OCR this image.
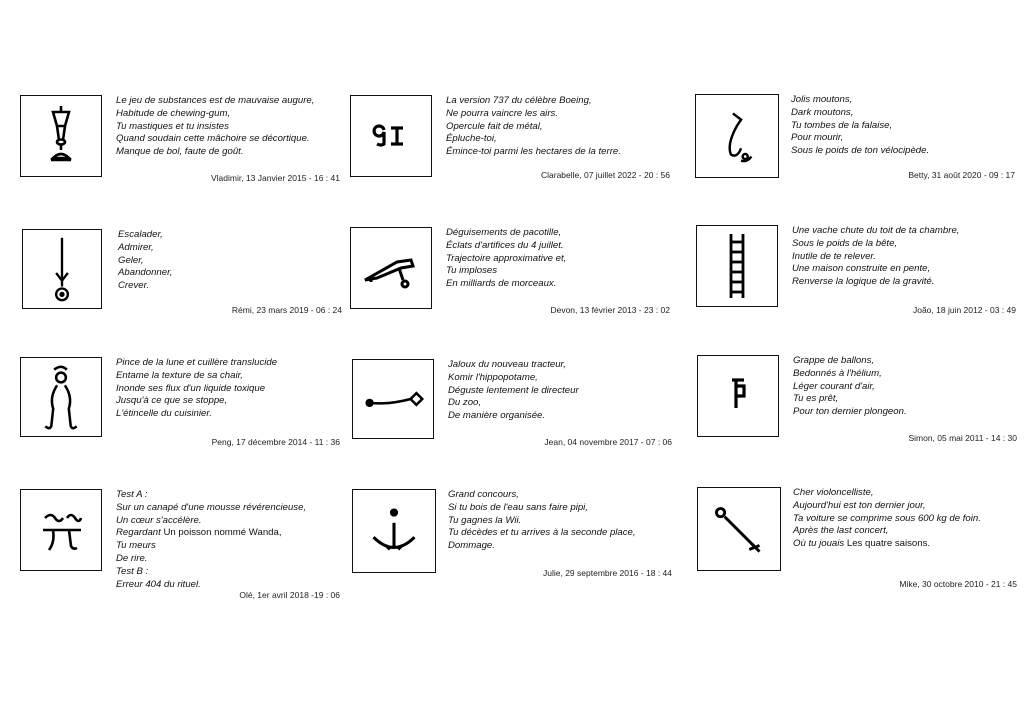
Le jeu de substances est de mauvaise augure,
Habitude de chewing-gum,
Tu mastiques et tu insistes
Quand soudain cette mâchoire se décortique.
Manque de bol, faute de goût.
Vladimir, 13 Janvier 2015 - 16 : 41
La version 737 du célèbre Boeing,
Ne pourra vaincre les airs.
Opercule fait de métal,
Épluche-toi,
Émince-toi parmi les hectares de la terre.
Clarabelle, 07 juillet 2022 - 20 : 56
Jolis moutons,
Dark moutons,
Tu tombes de la falaise,
Pour mourir,
Sous le poids de ton vélocipède.
Betty, 31 août 2020 - 09 : 17
Escalader,
Admirer,
Geler,
Abandonner,
Crever.
Rémi, 23 mars 2019 - 06 : 24
Déguisements de pacotille,
Éclats d'artifices du 4 juillet.
Trajectoire approximative et,
Tu imploses
En milliards de morceaux.
Devon, 13 février 2013 - 23 : 02
Une vache chute du toit de ta chambre,
Sous le poids de la bête,
Inutile de te relever.
Une maison construite en pente,
Renverse la logique de la gravité.
João, 18 juin 2012 - 03 : 49
Pince de la lune et cuillère translucide
Entame la texture de sa chair,
Inonde ses flux d'un liquide toxique
Jusqu'à ce que se stoppe,
L'étincelle du cuisinier.
Peng, 17 décembre 2014 - 11 : 36
Jaloux du nouveau tracteur,
Komir l'hippopotame,
Déguste lentement le directeur
Du zoo,
De manière organisée.
Jean, 04 novembre 2017 - 07 : 06
Grappe de ballons,
Bedonnés à l'hélium,
Léger courant d'air,
Tu es prêt,
Pour ton dernier plongeon.
Simon, 05 mai 2011 - 14 : 30
Test A :
Sur un canapé d'une mousse révérencieuse,
Un cœur s'accélère.
Regardant Un poisson nommé Wanda,
Tu meurs
De rire.
Test B :
Erreur 404 du rituel.
Olé, 1er avril 2018 -19 : 06
Grand concours,
Si tu bois de l'eau sans faire pipi,
Tu gagnes la Wii.
Tu décèdes et tu arrives à la seconde place,
Dommage.
Julie, 29 septembre 2016 - 18 : 44
Cher violoncelliste,
Aujourd'hui est ton dernier jour,
Ta voiture se comprime sous 600 kg de foin.
Après the last concert,
Où tu jouais Les quatre saisons.
Mike, 30 octobre 2010 - 21 : 45
